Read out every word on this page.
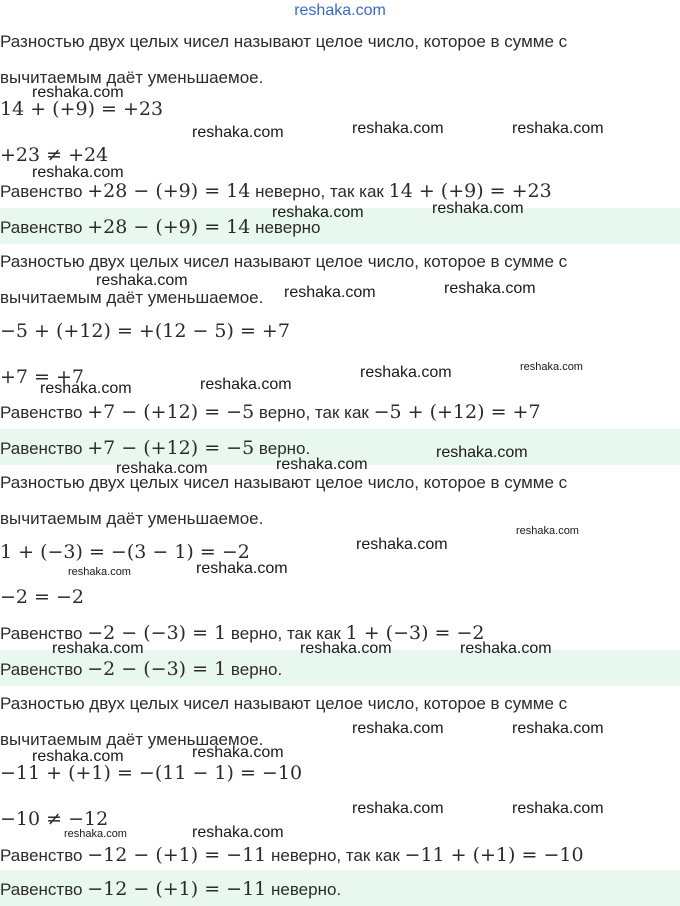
reshaka.com
Разностью двух целых чисел называют целое число, которое в сумме с
вычитаемым даёт уменьшаемое.
14 + (+9) = +23
+23 ≠ +24
Равенство +28 − (+9) = 14 неверно, так как 14 + (+9) = +23
Равенство +28 − (+9) = 14 неверно
Разностью двух целых чисел называют целое число, которое в сумме с
вычитаемым даёт уменьшаемое.
−5 + (+12) = +(12 − 5) = +7
+7 = +7
Равенство +7 − (+12) = −5 верно, так как −5 + (+12) = +7
Равенство +7 − (+12) = −5 верно.
Разностью двух целых чисел называют целое число, которое в сумме с
вычитаемым даёт уменьшаемое.
1 + (−3) = −(3 − 1) = −2
−2 = −2
Равенство −2 − (−3) = 1 верно, так как 1 + (−3) = −2
Равенство −2 − (−3) = 1 верно.
Разностью двух целых чисел называют целое число, которое в сумме с
вычитаемым даёт уменьшаемое.
−11 + (+1) = −(11 − 1) = −10
−10 ≠ −12
Равенство −12 − (+1) = −11 неверно, так как −11 + (+1) = −10
Равенство −12 − (+1) = −11 неверно.
reshaka.com
reshaka.com	reshaka.com	reshaka.com
reshaka.com
reshaka.com
reshaka.com
reshaka.com	reshaka.com
reshaka.com
reshaka.com	reshaka.com
reshaka.com
reshaka.com
reshaka.com
reshaka.com
reshaka.com
reshaka.com
reshaka.com
reshaka.com
reshaka.com
reshaka.com	reshaka.com	reshaka.com
reshaka.com	reshaka.com
reshaka.com
reshaka.com
reshaka.com	reshaka.com
reshaka.com
reshaka.com
